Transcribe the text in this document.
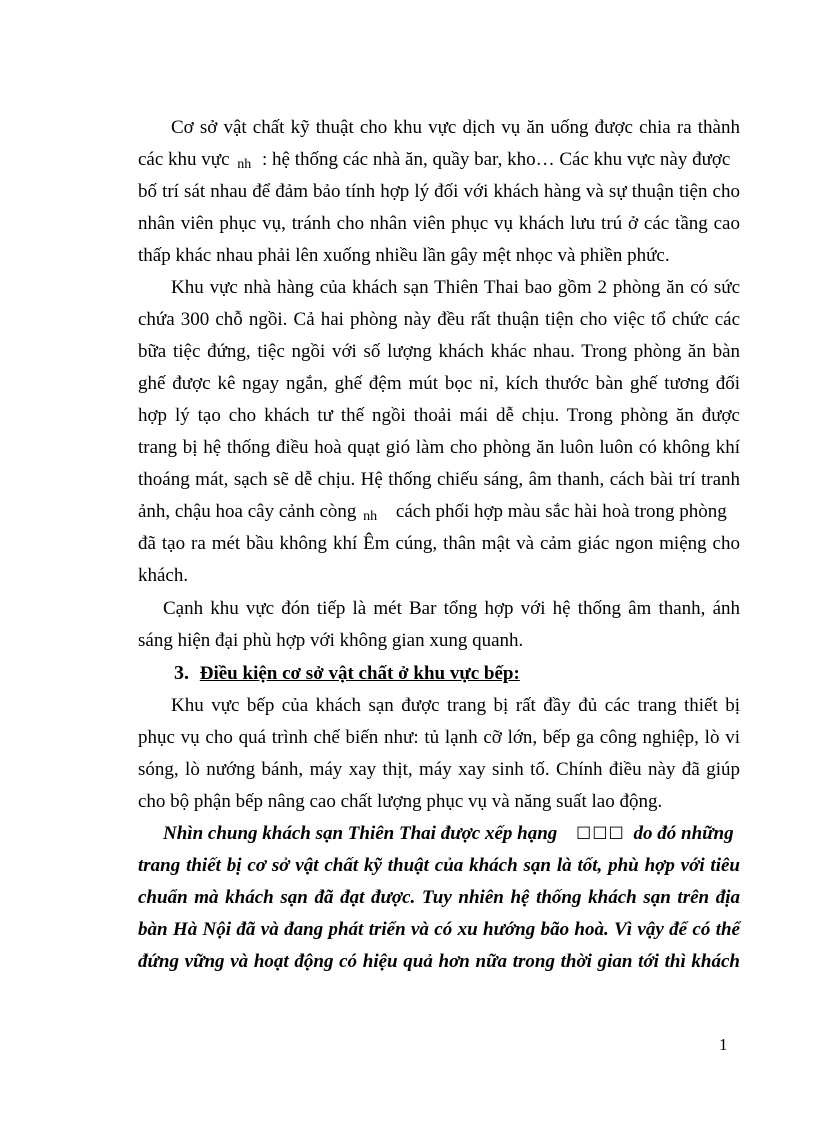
Cơ sở vật chất kỹ thuật cho khu vực dịch vụ ăn uống được chia ra thành
các khu vực nh : hệ thống các nhà ăn, quầy bar, kho… Các khu vực này được
bố trí sát nhau để đảm bảo tính hợp lý đối với khách hàng và sự thuận tiện cho
nhân viên phục vụ, tránh cho nhân viên phục vụ khách lưu trú ở các tầng cao
thấp khác nhau phải lên xuống nhiều lần gây mệt nhọc và phiền phức.
Khu vực nhà hàng của khách sạn Thiên Thai bao gồm 2 phòng ăn có sức
chứa 300 chỗ ngồi. Cả hai phòng này đều rất thuận tiện cho việc tổ chức các
bữa tiệc đứng, tiệc ngồi với số lượng khách khác nhau. Trong phòng ăn bàn
ghế được kê ngay ngắn, ghế đệm mút bọc nỉ, kích thước bàn ghế tương đối
hợp lý tạo cho khách tư thế ngồi thoải mái dễ chịu. Trong phòng ăn được
trang bị hệ thống điều hoà quạt gió làm cho phòng ăn luôn luôn có không khí
thoáng mát, sạch sẽ dễ chịu. Hệ thống chiếu sáng, âm thanh, cách bài trí tranh
ảnh, chậu hoa cây cảnh còng nh cách phối hợp màu sắc hài hoà trong phòng
đã tạo ra mét bầu không khí Êm cúng, thân mật và cảm giác ngon miệng cho
khách.
Cạnh khu vực đón tiếp là mét Bar tổng hợp với hệ thống âm thanh, ánh
sáng hiện đại phù hợp với không gian xung quanh.
3. Điều kiện cơ sở vật chất ở khu vực bếp:
Khu vực bếp của khách sạn được trang bị rất đầy đủ các trang thiết bị
phục vụ cho quá trình chế biến như: tủ lạnh cỡ lớn, bếp ga công nghiệp, lò vi
sóng, lò nướng bánh, máy xay thịt, máy xay sinh tố. Chính điều này đã giúp
cho bộ phận bếp nâng cao chất lượng phục vụ và năng suất lao động.
Nhìn chung khách sạn Thiên Thai được xếp hạng ☐☐☐ do đó những
trang thiết bị cơ sở vật chất kỹ thuật của khách sạn là tốt, phù hợp với tiêu
chuẩn mà khách sạn đã đạt được. Tuy nhiên hệ thống khách sạn trên địa
bàn Hà Nội đã và đang phát triển và có xu hướng bão hoà. Vì vậy để có thể
đứng vững và hoạt động có hiệu quả hơn nữa trong thời gian tới thì khách
1
